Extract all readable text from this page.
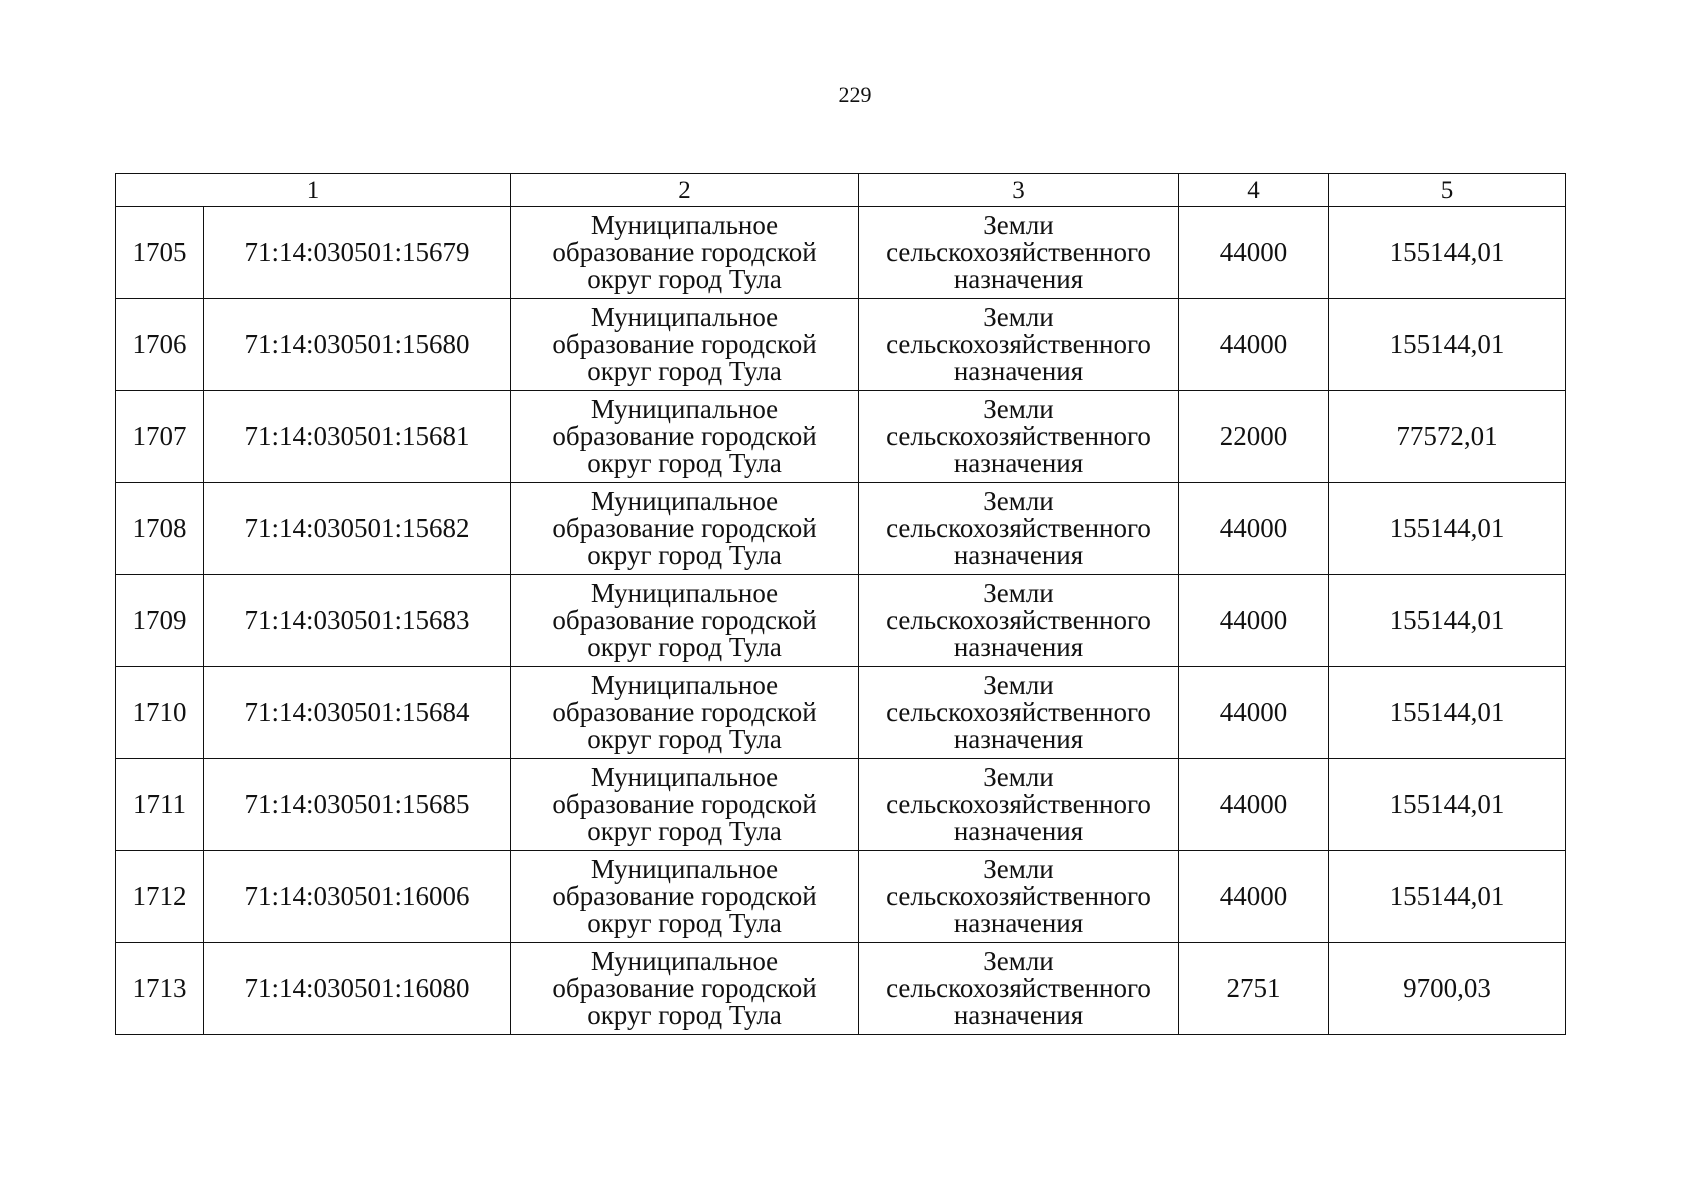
229
1		2	3	4	5
1705	71:14:030501:15679	Муниципальное
образование городской
округ город Тула	Земли
сельскохозяйственного
назначения	44000	155144,01
1706	71:14:030501:15680	Муниципальное
образование городской
округ город Тула	Земли
сельскохозяйственного
назначения	44000	155144,01
1707	71:14:030501:15681	Муниципальное
образование городской
округ город Тула	Земли
сельскохозяйственного
назначения	22000	77572,01
1708	71:14:030501:15682	Муниципальное
образование городской
округ город Тула	Земли
сельскохозяйственного
назначения	44000	155144,01
1709	71:14:030501:15683	Муниципальное
образование городской
округ город Тула	Земли
сельскохозяйственного
назначения	44000	155144,01
1710	71:14:030501:15684	Муниципальное
образование городской
округ город Тула	Земли
сельскохозяйственного
назначения	44000	155144,01
1711	71:14:030501:15685	Муниципальное
образование городской
округ город Тула	Земли
сельскохозяйственного
назначения	44000	155144,01
1712	71:14:030501:16006	Муниципальное
образование городской
округ город Тула	Земли
сельскохозяйственного
назначения	44000	155144,01
1713	71:14:030501:16080	Муниципальное
образование городской
округ город Тула	Земли
сельскохозяйственного
назначения	2751	9700,03
